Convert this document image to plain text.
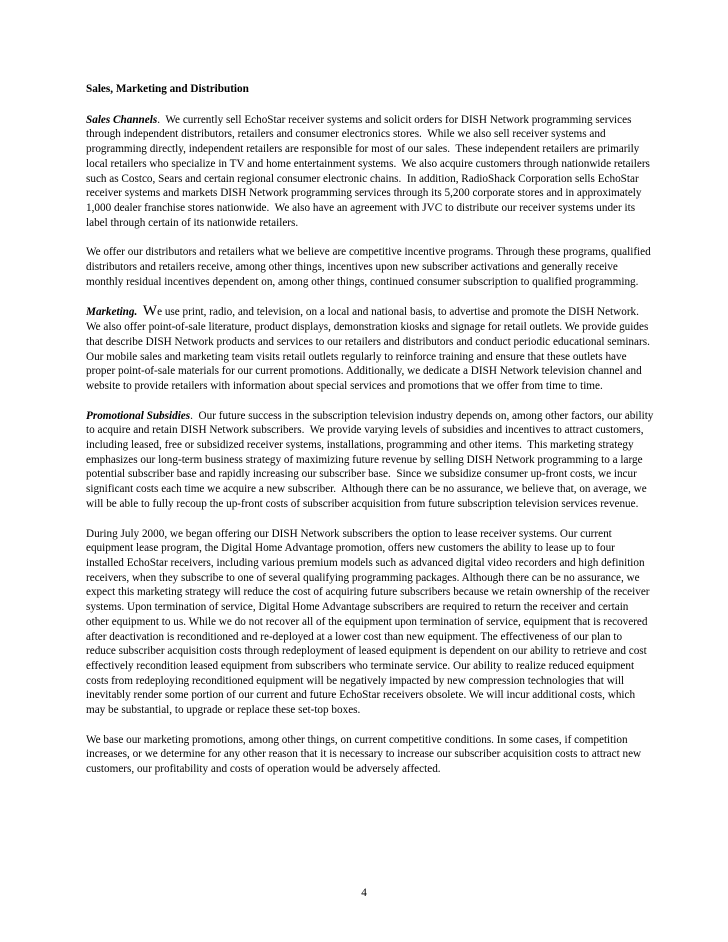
Sales, Marketing and Distribution

Sales Channels.  We currently sell EchoStar receiver systems and solicit orders for DISH Network programming services through independent distributors, retailers and consumer electronics stores.  While we also sell receiver systems and programming directly, independent retailers are responsible for most of our sales.  These independent retailers are primarily local retailers who specialize in TV and home entertainment systems.  We also acquire customers through nationwide retailers such as Costco, Sears and certain regional consumer electronic chains.  In addition, RadioShack Corporation sells EchoStar receiver systems and markets DISH Network programming services through its 5,200 corporate stores and in approximately 1,000 dealer franchise stores nationwide.  We also have an agreement with JVC to distribute our receiver systems under its label through certain of its nationwide retailers.

We offer our distributors and retailers what we believe are competitive incentive programs. Through these programs, qualified distributors and retailers receive, among other things, incentives upon new subscriber activations and generally receive monthly residual incentives dependent on, among other things, continued consumer subscription to qualified programming.

Marketing. We use print, radio, and television, on a local and national basis, to advertise and promote the DISH Network. We also offer point-of-sale literature, product displays, demonstration kiosks and signage for retail outlets. We provide guides that describe DISH Network products and services to our retailers and distributors and conduct periodic educational seminars. Our mobile sales and marketing team visits retail outlets regularly to reinforce training and ensure that these outlets have proper point-of-sale materials for our current promotions. Additionally, we dedicate a DISH Network television channel and website to provide retailers with information about special services and promotions that we offer from time to time.

Promotional Subsidies.  Our future success in the subscription television industry depends on, among other factors, our ability to acquire and retain DISH Network subscribers.  We provide varying levels of subsidies and incentives to attract customers, including leased, free or subsidized receiver systems, installations, programming and other items.  This marketing strategy emphasizes our long-term business strategy of maximizing future revenue by selling DISH Network programming to a large potential subscriber base and rapidly increasing our subscriber base.  Since we subsidize consumer up-front costs, we incur significant costs each time we acquire a new subscriber.  Although there can be no assurance, we believe that, on average, we will be able to fully recoup the up-front costs of subscriber acquisition from future subscription television services revenue.

During July 2000, we began offering our DISH Network subscribers the option to lease receiver systems. Our current equipment lease program, the Digital Home Advantage promotion, offers new customers the ability to lease up to four installed EchoStar receivers, including various premium models such as advanced digital video recorders and high definition receivers, when they subscribe to one of several qualifying programming packages. Although there can be no assurance, we expect this marketing strategy will reduce the cost of acquiring future subscribers because we retain ownership of the receiver systems. Upon termination of service, Digital Home Advantage subscribers are required to return the receiver and certain other equipment to us. While we do not recover all of the equipment upon termination of service, equipment that is recovered after deactivation is reconditioned and re-deployed at a lower cost than new equipment. The effectiveness of our plan to reduce subscriber acquisition costs through redeployment of leased equipment is dependent on our ability to retrieve and cost effectively recondition leased equipment from subscribers who terminate service. Our ability to realize reduced equipment costs from redeploying reconditioned equipment will be negatively impacted by new compression technologies that will inevitably render some portion of our current and future EchoStar receivers obsolete. We will incur additional costs, which may be substantial, to upgrade or replace these set-top boxes.

We base our marketing promotions, among other things, on current competitive conditions. In some cases, if competition increases, or we determine for any other reason that it is necessary to increase our subscriber acquisition costs to attract new customers, our profitability and costs of operation would be adversely affected.

4
